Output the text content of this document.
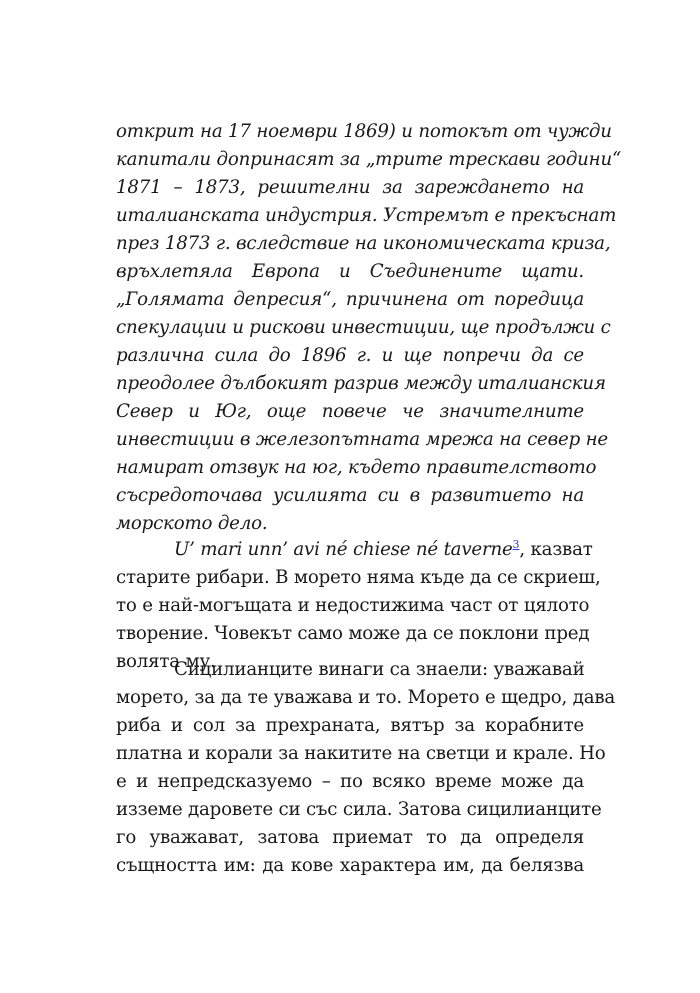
открит на 17 ноември 1869) и потокът от чужди
капитали допринасят за „трите трескави години“
1871 – 1873, решителни за зареждането на
италианската индустрия. Устремът е прекъснат
през 1873 г. вследствие на икономическата криза,
връхлетяла Европа и Съединените щати.
„Голямата депресия“, причинена от поредица
спекулации и рискови инвестиции, ще продължи с
различна сила до 1896 г. и ще попречи да се
преодолее дълбокият разрив между италианския
Север и Юг, още повече че значителните
инвестиции в железопътната мрежа на север не
намират отзвук на юг, където правителството
съсредоточава усилията си в развитието на
морското дело.
U’ mari unn’ avi né chiese né taverne$^3$, казват
старите рибари. В морето няма къде да се скриеш,
то е най-могъщата и недостижима част от цялото
творение. Човекът само може да се поклони пред
волята му.
Сицилианците винаги са знаели: уважавай
морето, за да те уважава и то. Морето е щедро, дава
риба и сол за прехраната, вятър за корабните
платна и корали за накитите на светци и крале. Но
е и непредсказуемо – по всяко време може да
изземе даровете си със сила. Затова сицилианците
го уважават, затова приемат то да определя
същността им: да кове характера им, да белязва
